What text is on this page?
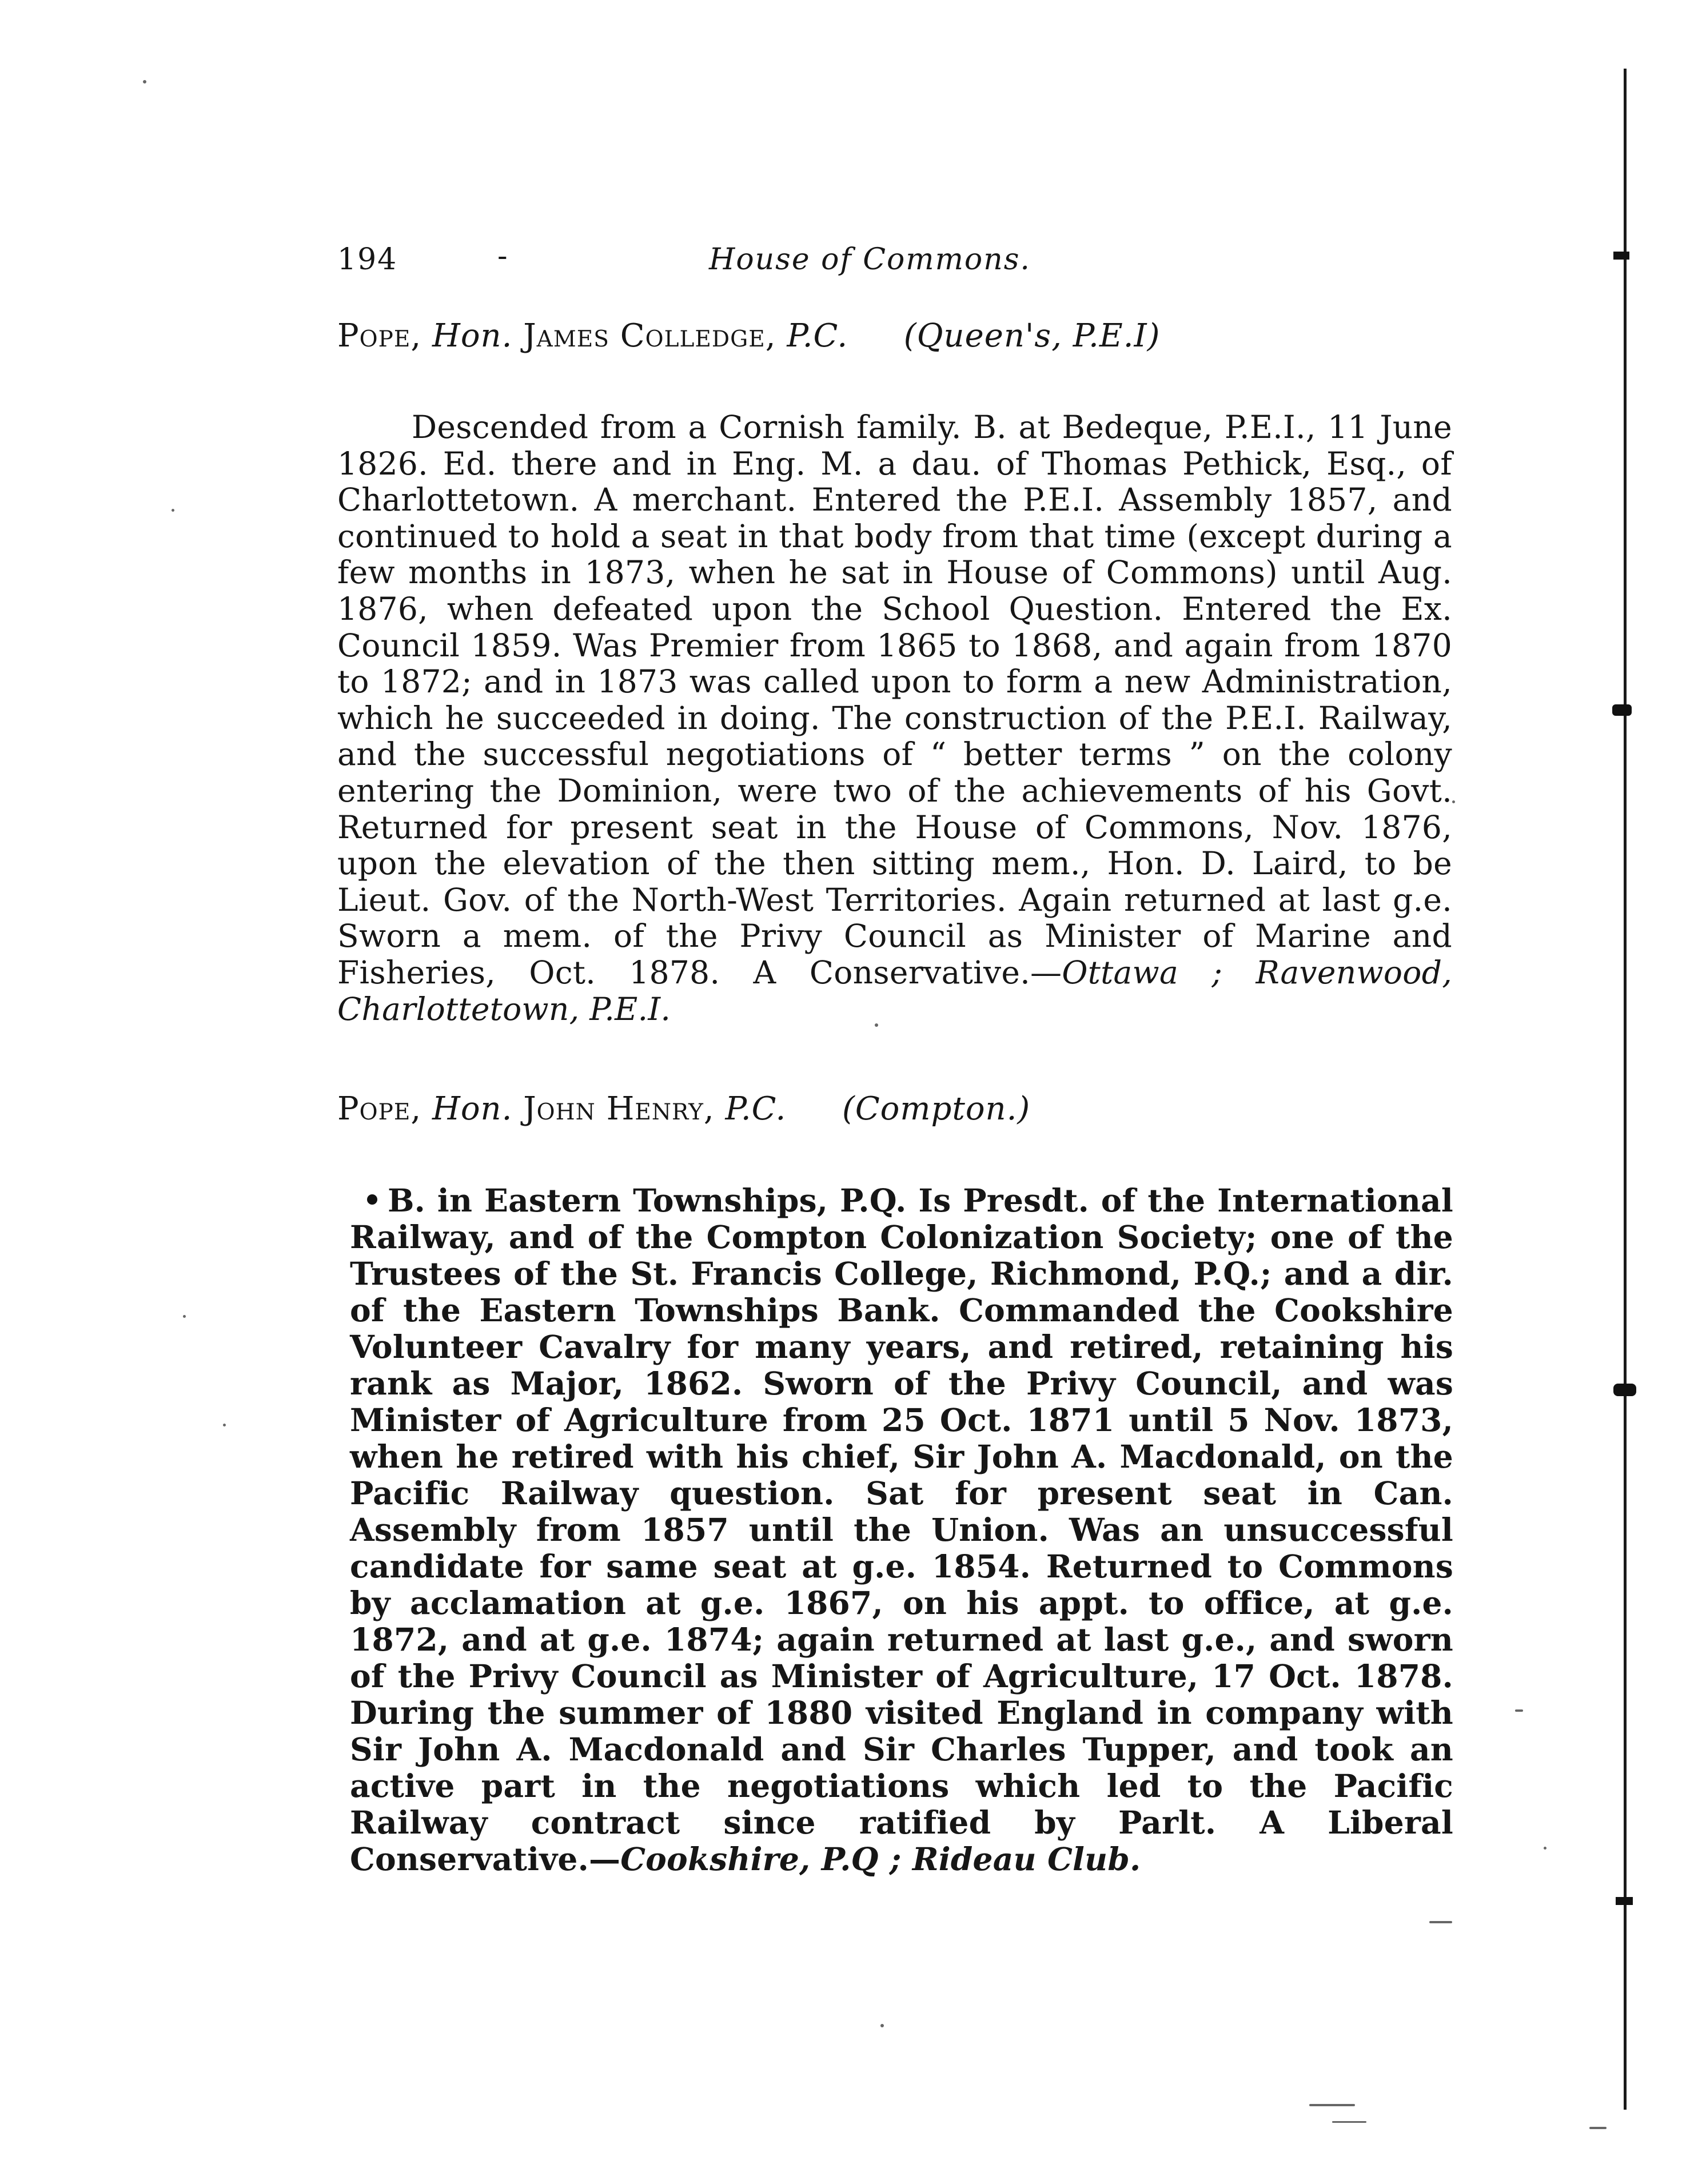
194	-	House of Commons.
Pope, Hon. James Colledge, P.C. (Queen's, P.E.I)
Descended from a Cornish family. B. at Bedeque, P.E.I., 11 June 1826. Ed. there and in Eng. M. a dau. of Thomas Pethick, Esq., of Charlottetown. A merchant. Entered the P.E.I. Assembly 1857, and continued to hold a seat in that body from that time (except during a few months in 1873, when he sat in House of Commons) until Aug. 1876, when defeated upon the School Question. Entered the Ex. Council 1859. Was Premier from 1865 to 1868, and again from 1870 to 1872; and in 1873 was called upon to form a new Administration, which he succeeded in doing. The construction of the P.E.I. Railway, and the successful negotiations of “ better terms ” on the colony entering the Dominion, were two of the achievements of his Govt. Returned for present seat in the House of Commons, Nov. 1876, upon the elevation of the then sitting mem., Hon. D. Laird, to be Lieut. Gov. of the North-West Territories. Again returned at last g.e. Sworn a mem. of the Privy Council as Minister of Marine and Fisheries, Oct. 1878. A Conservative.—Ottawa ; Ravenwood, Charlottetown, P.E.I.
Pope, Hon. John Henry, P.C. (Compton.)
B. in Eastern Townships, P.Q. Is Presdt. of the International Railway, and of the Compton Colonization Society; one of the Trustees of the St. Francis College, Richmond, P.Q.; and a dir. of the Eastern Townships Bank. Commanded the Cookshire Volunteer Cavalry for many years, and retired, retaining his rank as Major, 1862. Sworn of the Privy Council, and was Minister of Agriculture from 25 Oct. 1871 until 5 Nov. 1873, when he retired with his chief, Sir John A. Macdonald, on the Pacific Railway question. Sat for present seat in Can. Assembly from 1857 until the Union. Was an unsuccessful candidate for same seat at g.e. 1854. Returned to Commons by acclamation at g.e. 1867, on his appt. to office, at g.e. 1872, and at g.e. 1874; again returned at last g.e., and sworn of the Privy Council as Minister of Agriculture, 17 Oct. 1878. During the summer of 1880 visited England in company with Sir John A. Macdonald and Sir Charles Tupper, and took an active part in the negotiations which led to the Pacific Railway contract since ratified by Parlt. A Liberal Conservative.—Cookshire, P.Q ; Rideau Club.
